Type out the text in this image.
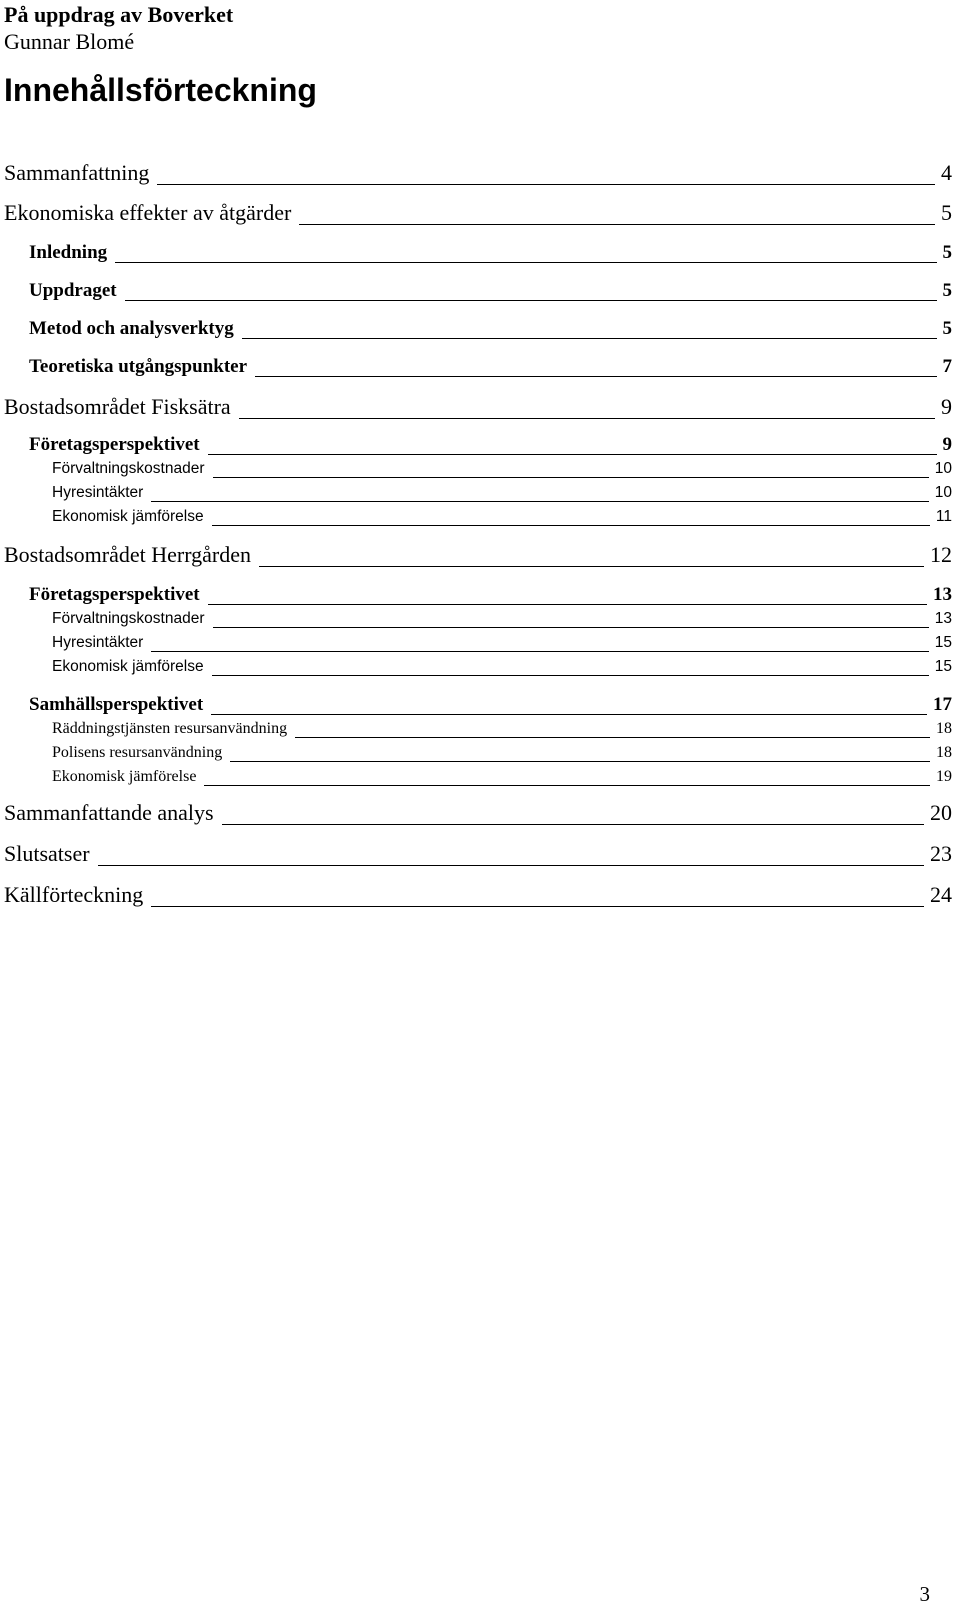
På uppdrag av Boverket
Gunnar Blomé
Innehållsförteckning
Sammanfattning	4
Ekonomiska effekter av åtgärder	5
Inledning	5
Uppdraget	5
Metod och analysverktyg	5
Teoretiska utgångspunkter	7
Bostadsområdet Fisksätra	9
Företagsperspektivet	9
Förvaltningskostnader	10
Hyresintäkter	10
Ekonomisk jämförelse	11
Bostadsområdet Herrgården	12
Företagsperspektivet	13
Förvaltningskostnader	13
Hyresintäkter	15
Ekonomisk jämförelse	15
Samhällsperspektivet	17
Räddningstjänsten resursanvändning	18
Polisens resursanvändning	18
Ekonomisk jämförelse	19
Sammanfattande analys	20
Slutsatser	23
Källförteckning	24
3
